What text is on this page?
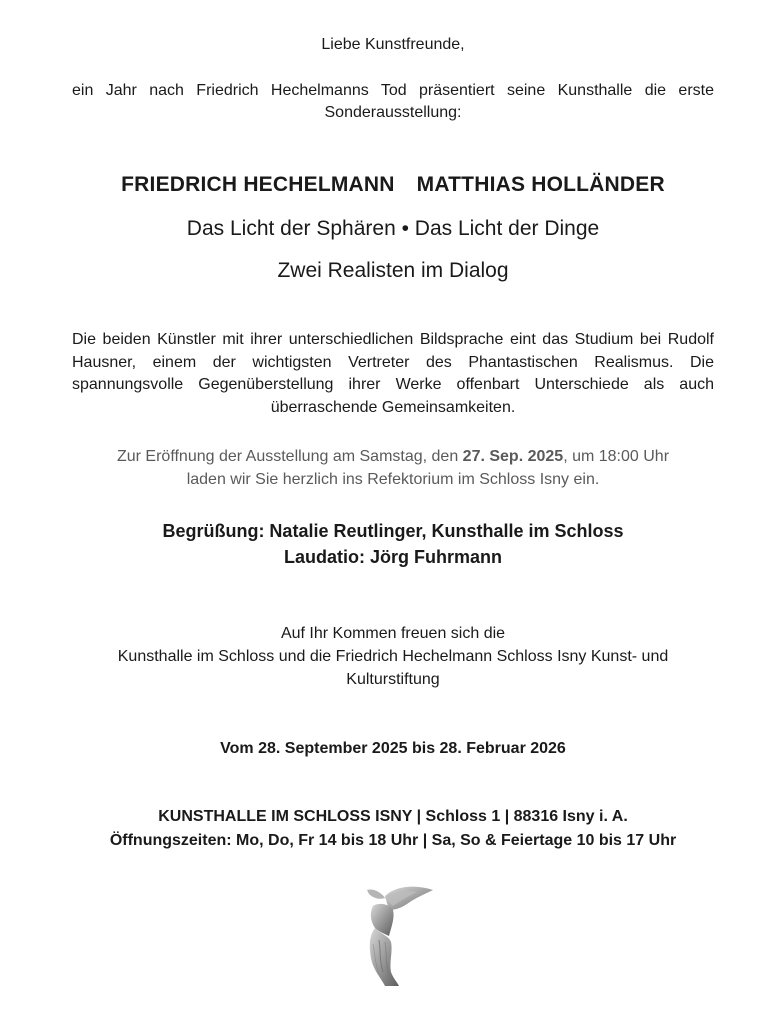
Liebe Kunstfreunde,

ein Jahr nach Friedrich Hechelmanns Tod präsentiert seine Kunsthalle die erste Sonderausstellung:

FRIEDRICH HECHELMANN MATTHIAS HOLLÄNDER

Das Licht der Sphären • Das Licht der Dinge

Zwei Realisten im Dialog

Die beiden Künstler mit ihrer unterschiedlichen Bildsprache eint das Studium bei Rudolf Hausner, einem der wichtigsten Vertreter des Phantastischen Realismus. Die spannungsvolle Gegenüberstellung ihrer Werke offenbart Unterschiede als auch überraschende Gemeinsamkeiten.

Zur Eröffnung der Ausstellung am Samstag, den 27. Sep. 2025, um 18:00 Uhr

laden wir Sie herzlich ins Refektorium im Schloss Isny ein.

Begrüßung: Natalie Reutlinger, Kunsthalle im Schloss

Laudatio: Jörg Fuhrmann

Auf Ihr Kommen freuen sich die

Kunsthalle im Schloss und die Friedrich Hechelmann Schloss Isny Kunst- und Kulturstiftung

Vom 28. September 2025 bis 28. Februar 2026

KUNSTHALLE IM SCHLOSS ISNY | Schloss 1 | 88316 Isny i. A.

Öffnungszeiten: Mo, Do, Fr 14 bis 18 Uhr | Sa, So & Feiertage 10 bis 17 Uhr
